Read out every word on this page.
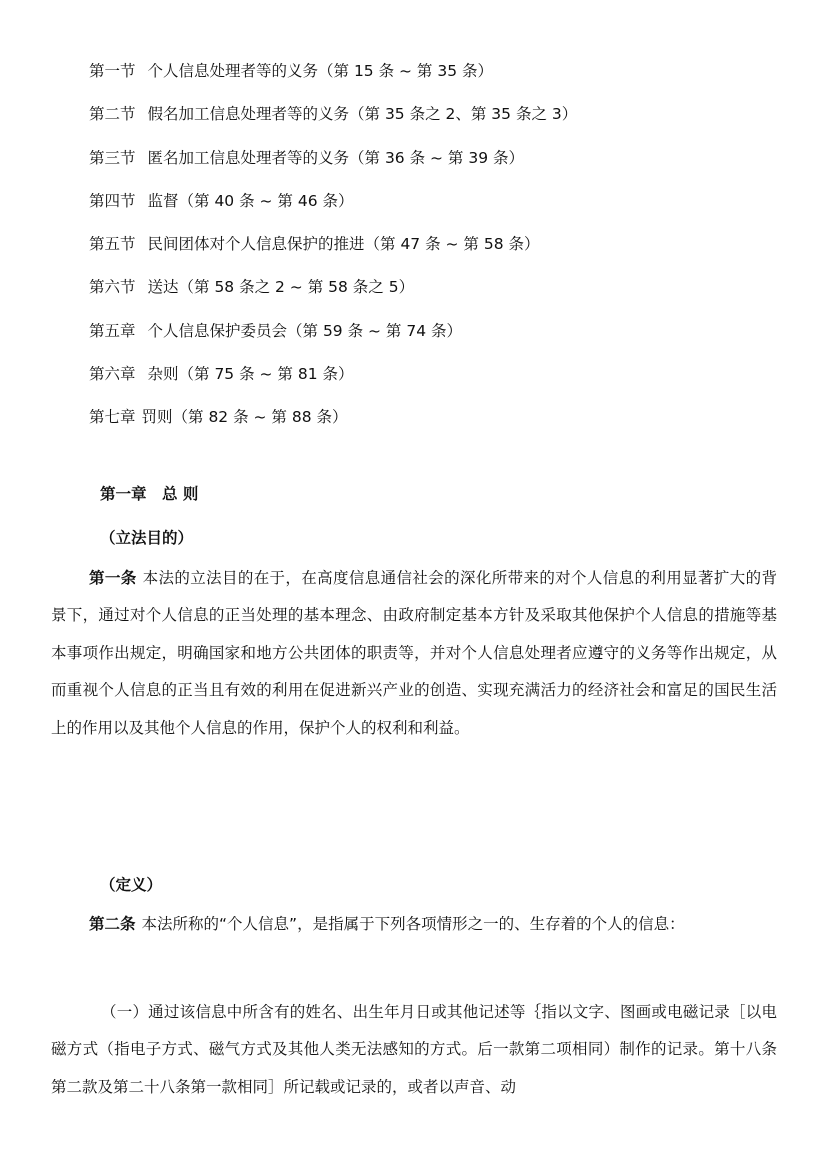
第一节 个人信息处理者等的义务（第 15 条 ~ 第 35 条）
第二节 假名加工信息处理者等的义务（第 35 条之 2、第 35 条之 3）
第三节 匿名加工信息处理者等的义务（第 36 条 ~ 第 39 条）
第四节 监督（第 40 条 ~ 第 46 条）
第五节 民间团体对个人信息保护的推进（第 47 条 ~ 第 58 条）
第六节 送达（第 58 条之 2 ~ 第 58 条之 5）
第五章 个人信息保护委员会（第 59 条 ~ 第 74 条）
第六章 杂则（第 75 条 ~ 第 81 条）
第七章 罚则（第 82 条 ~ 第 88 条）
第一章　总 则
（立法目的）

第一条 本法的立法目的在于，在高度信息通信社会的深化所带来的对个人信息的利用显著扩大的背景下，通过对个人信息的正当处理的基本理念、由政府制定基本方针及采取其他保护个人信息的措施等基本事项作出规定，明确国家和地方公共团体的职责等，并对个人信息处理者应遵守的义务等作出规定，从而重视个人信息的正当且有效的利用在促进新兴产业的创造、实现充满活力的经济社会和富足的国民生活上的作用以及其他个人信息的作用，保护个人的权利和利益。

（定义）

第二条 本法所称的“个人信息”，是指属于下列各项情形之一的、生存着的个人的信息：

（一）通过该信息中所含有的姓名、出生年月日或其他记述等｛指以文字、图画或电磁记录［以电磁方式（指电子方式、磁气方式及其他人类无法感知的方式。后一款第二项相同）制作的记录。第十八条第二款及第二十八条第一款相同］所记载或记录的，或者以声音、动
